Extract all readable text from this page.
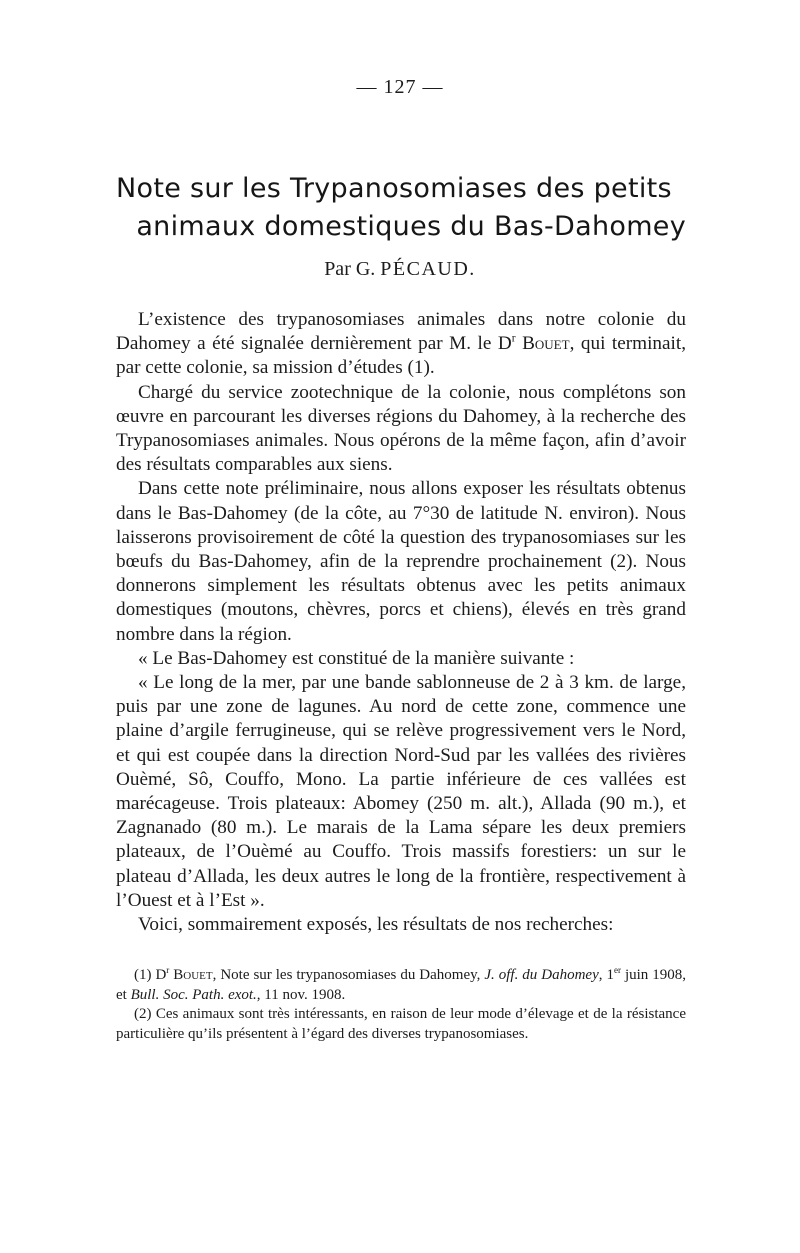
— 127 —
Note sur les Trypanosomiases des petits
animaux domestiques du Bas-Dahomey
Par G. PÉCAUD.

L’existence des trypanosomiases animales dans notre colonie du Dahomey a été signalée dernièrement par M. le $D^r$ Bouet, qui terminait, par cette colonie, sa mission d’études (1).

Chargé du service zootechnique de la colonie, nous complétons son œuvre en parcourant les diverses régions du Dahomey, à la recherche des Trypanosomiases animales. Nous opérons de la même façon, afin d’avoir des résultats comparables aux siens.

Dans cette note préliminaire, nous allons exposer les résultats obtenus dans le Bas-Dahomey (de la côte, au 7°30 de latitude N. environ). Nous laisserons provisoirement de côté la question des trypanosomiases sur les bœufs du Bas-Dahomey, afin de la reprendre prochainement (2). Nous donnerons simplement les résultats obtenus avec les petits animaux domestiques (moutons, chèvres, porcs et chiens), élevés en très grand nombre dans la région.

« Le Bas-Dahomey est constitué de la manière suivante :

« Le long de la mer, par une bande sablonneuse de 2 à 3 km. de large, puis par une zone de lagunes. Au nord de cette zone, commence une plaine d’argile ferrugineuse, qui se relève progressivement vers le Nord, et qui est coupée dans la direction Nord-Sud par les vallées des rivières Ouèmé, Sô, Couffo, Mono. La partie inférieure de ces vallées est marécageuse. Trois plateaux: Abomey (250 m. alt.), Allada (90 m.), et Zagnanado (80 m.). Le marais de la Lama sépare les deux premiers plateaux, de l’Ouèmé au Couffo. Trois massifs forestiers: un sur le plateau d’Allada, les deux autres le long de la frontière, respectivement à l’Ouest et à l’Est ».

Voici, sommairement exposés, les résultats de nos recherches:

(1) $D^r$ Bouet, Note sur les trypanosomiases du Dahomey, J. off. du Dahomey, 1er juin 1908, et Bull. Soc. Path. exot., 11 nov. 1908.

(2) Ces animaux sont très intéressants, en raison de leur mode d’élevage et de la résistance particulière qu’ils présentent à l’égard des diverses trypanosomiases.
